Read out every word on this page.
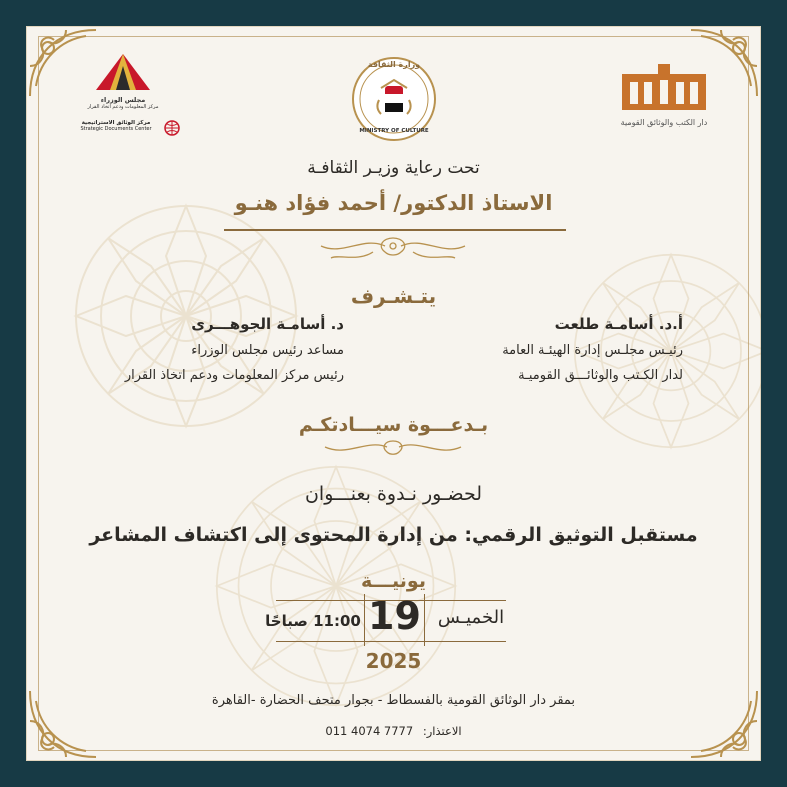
مجلس الوزراء
مركز المعلومات ودعم اتخاذ القرار
مركز الوثائق الاستراتيجية
Strategic Documents Center
وزارة الثقافة
MINISTRY OF CULTURE
دار الكتب والوثائق القومية
تحت رعاية وزيـر الثقافـة
الاستاذ الدكتور/ أحمد فؤاد هنـو
يتـشـرف
أ.د. أسامـة طلعت
رئيـس مجلـس إدارة الهيئـة العامة
لدار الكـتب والوثائـــق القوميـة
د. أسامـة الجوهـــرى
مساعد رئيس مجلس الوزراء
رئيس مركز المعلومات ودعم اتخاذ القرار
بـدعـــوة سيـــادتكـم
لحضـور نـدوة بعنـــوان
مستقبل التوثيق الرقمي: من إدارة المحتوى إلى اكتشاف المشاعر
يونيـــة
الخميـس
19
11:00 صباحًا
2025
بمقر دار الوثائق القومية بالفسطاط - بجوار متحف الحضارة -القاهرة
011 4074 7777 الاعتذار:
